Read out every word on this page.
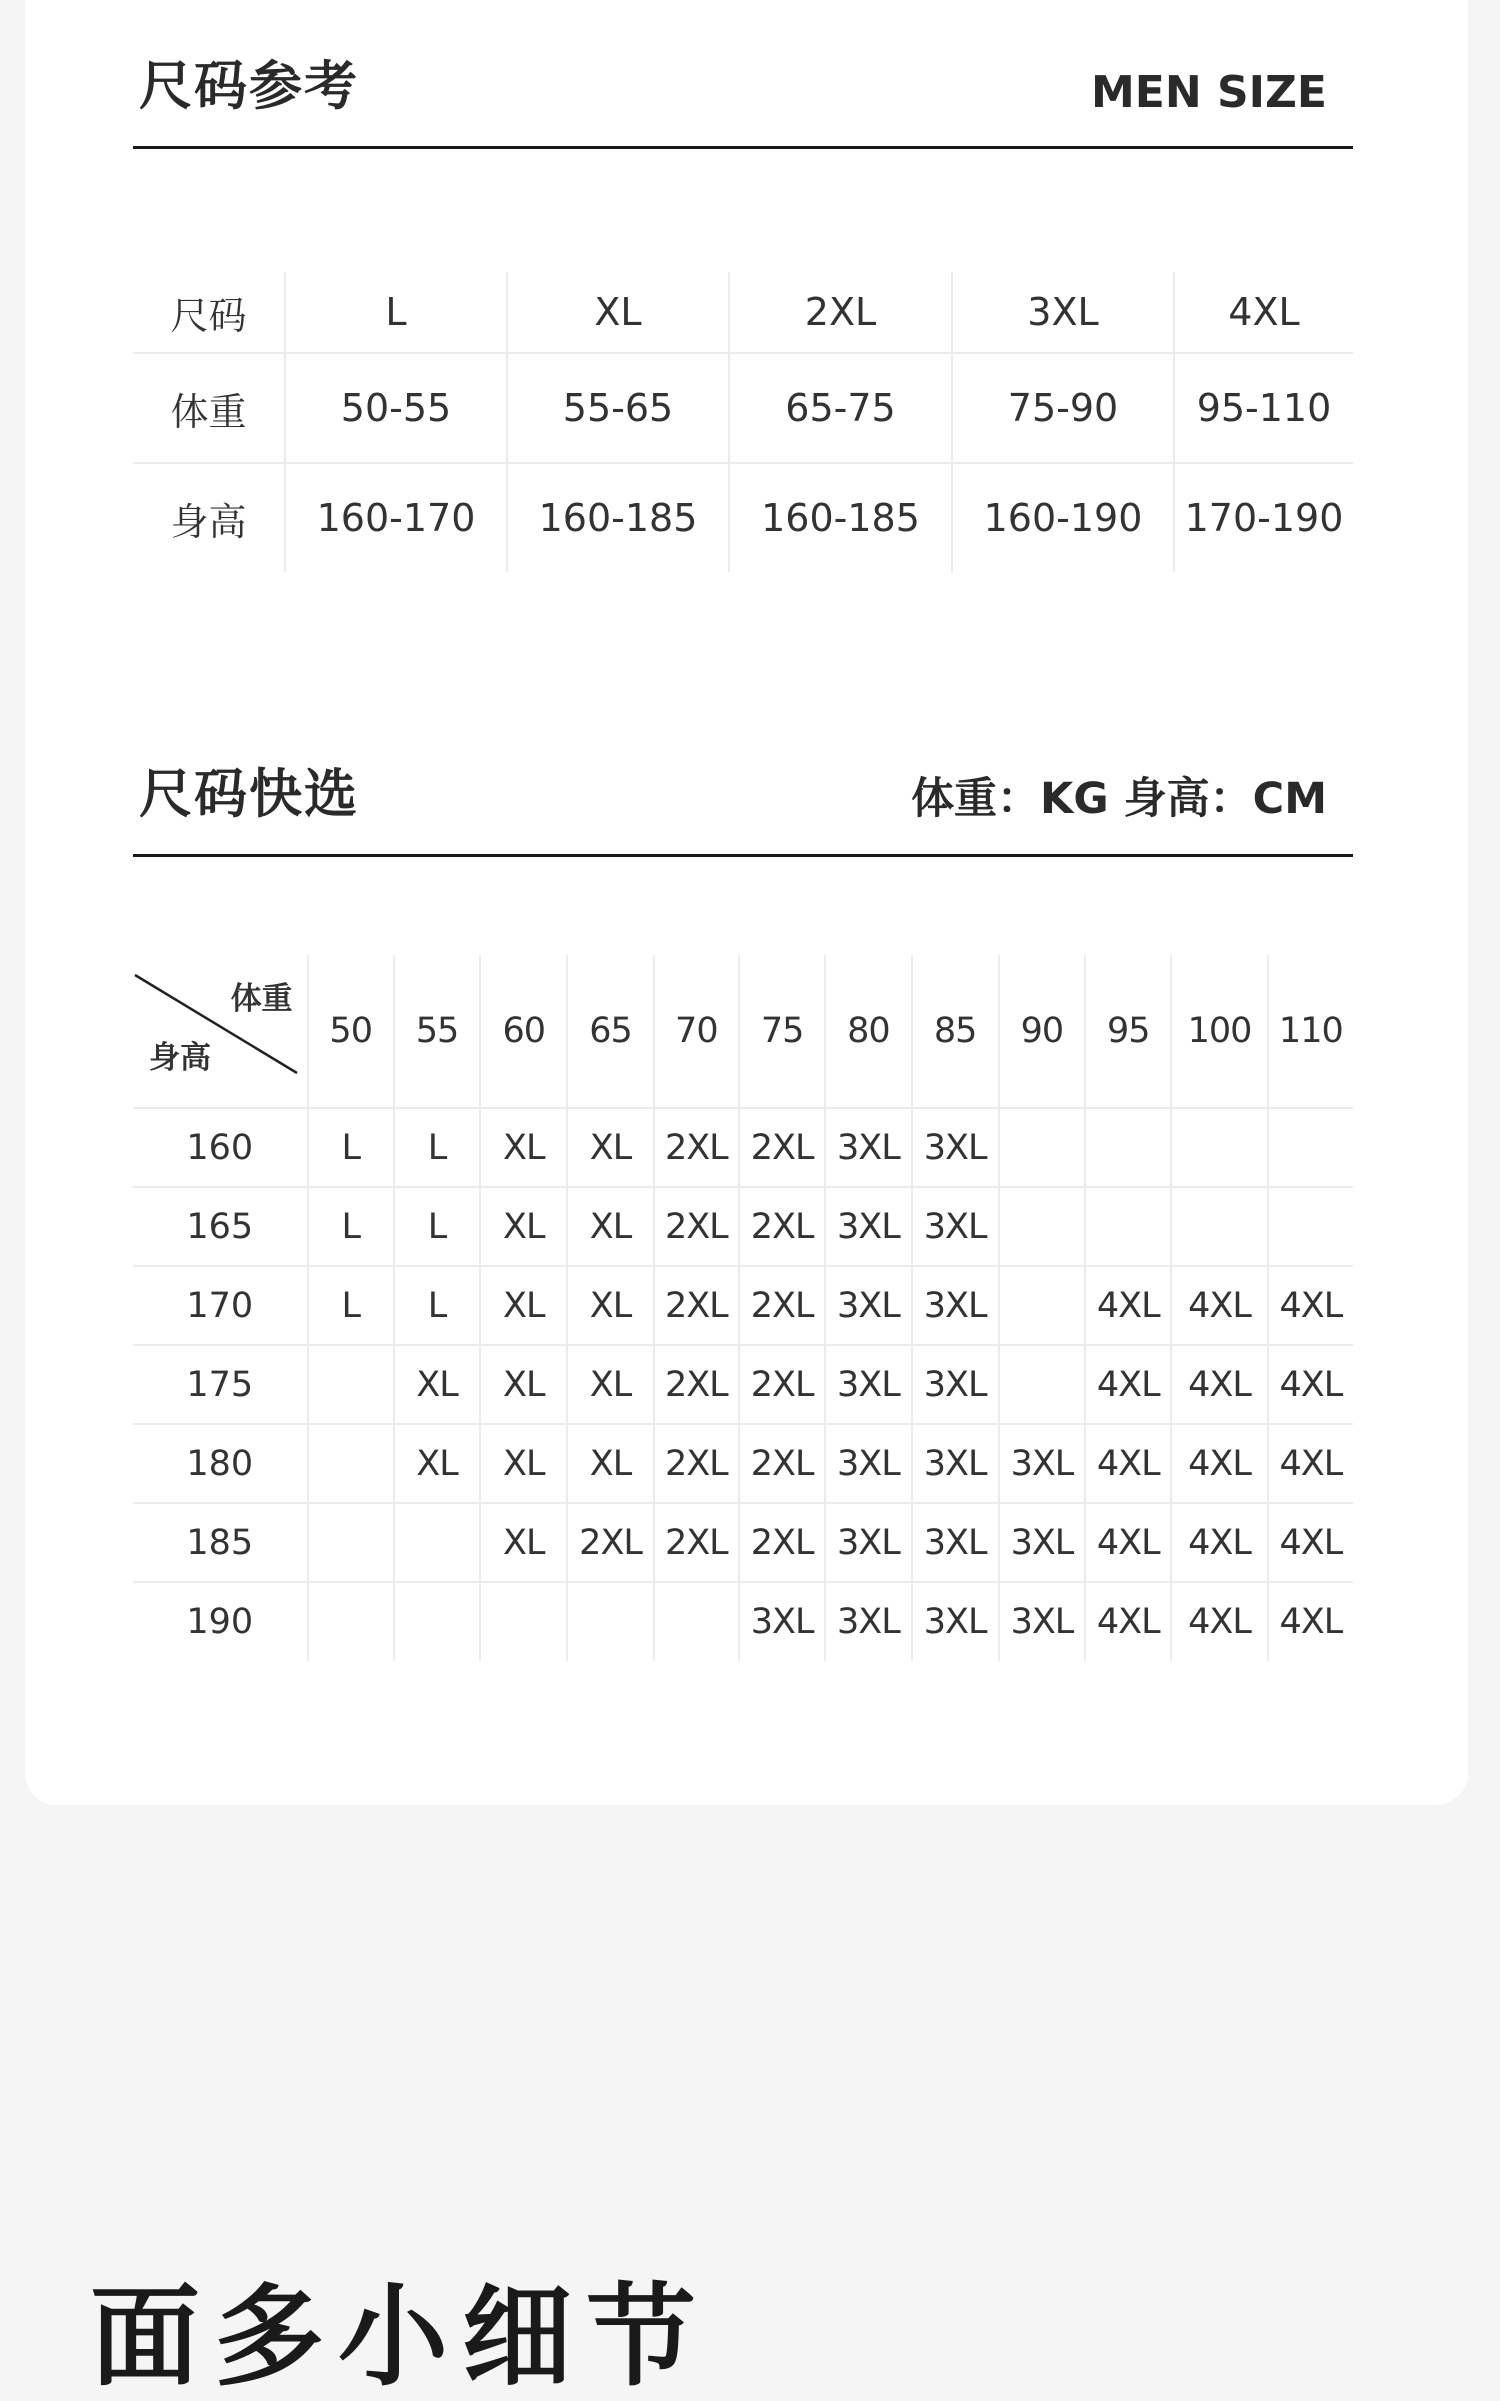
尺码参考	MEN SIZE
尺码	L	XL	2XL	3XL	4XL
体重	50-55	55-65	65-75	75-90	95-110
身高	160-170	160-185	160-185	160-190	170-190
尺码快选	体重：KG 身高：CM
体重
身高	50	55	60	65	70	75	80	85	90	95	100	110
160	L	L	XL	XL	2XL	2XL	3XL	3XL				
165	L	L	XL	XL	2XL	2XL	3XL	3XL				
170	L	L	XL	XL	2XL	2XL	3XL	3XL		4XL	4XL	4XL
175		XL	XL	XL	2XL	2XL	3XL	3XL		4XL	4XL	4XL
180		XL	XL	XL	2XL	2XL	3XL	3XL	3XL	4XL	4XL	4XL
185			XL	2XL	2XL	2XL	3XL	3XL	3XL	4XL	4XL	4XL
190						3XL	3XL	3XL	3XL	4XL	4XL	4XL
面多小细节
